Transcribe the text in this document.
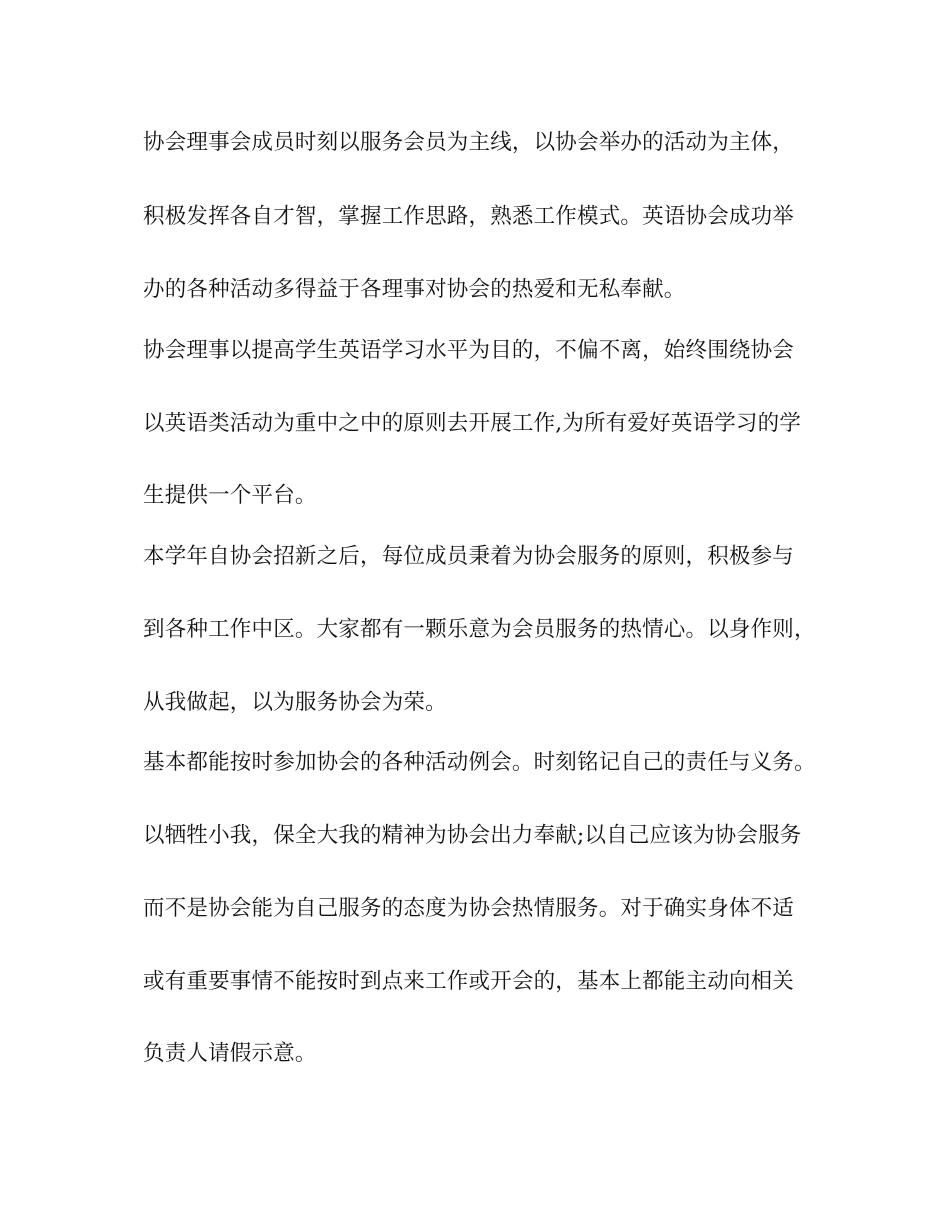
协会理事会成员时刻以服务会员为主线，以协会举办的活动为主体，
积极发挥各自才智，掌握工作思路，熟悉工作模式。英语协会成功举
办的各种活动多得益于各理事对协会的热爱和无私奉献。
协会理事以提高学生英语学习水平为目的，不偏不离，始终围绕协会
以英语类活动为重中之中的原则去开展工作,为所有爱好英语学习的学
生提供一个平台。
本学年自协会招新之后，每位成员秉着为协会服务的原则，积极参与
到各种工作中区。大家都有一颗乐意为会员服务的热情心。以身作则，
从我做起，以为服务协会为荣。
基本都能按时参加协会的各种活动例会。时刻铭记自己的责任与义务。
以牺牲小我，保全大我的精神为协会出力奉献;以自己应该为协会服务
而不是协会能为自己服务的态度为协会热情服务。对于确实身体不适
或有重要事情不能按时到点来工作或开会的，基本上都能主动向相关
负责人请假示意。
